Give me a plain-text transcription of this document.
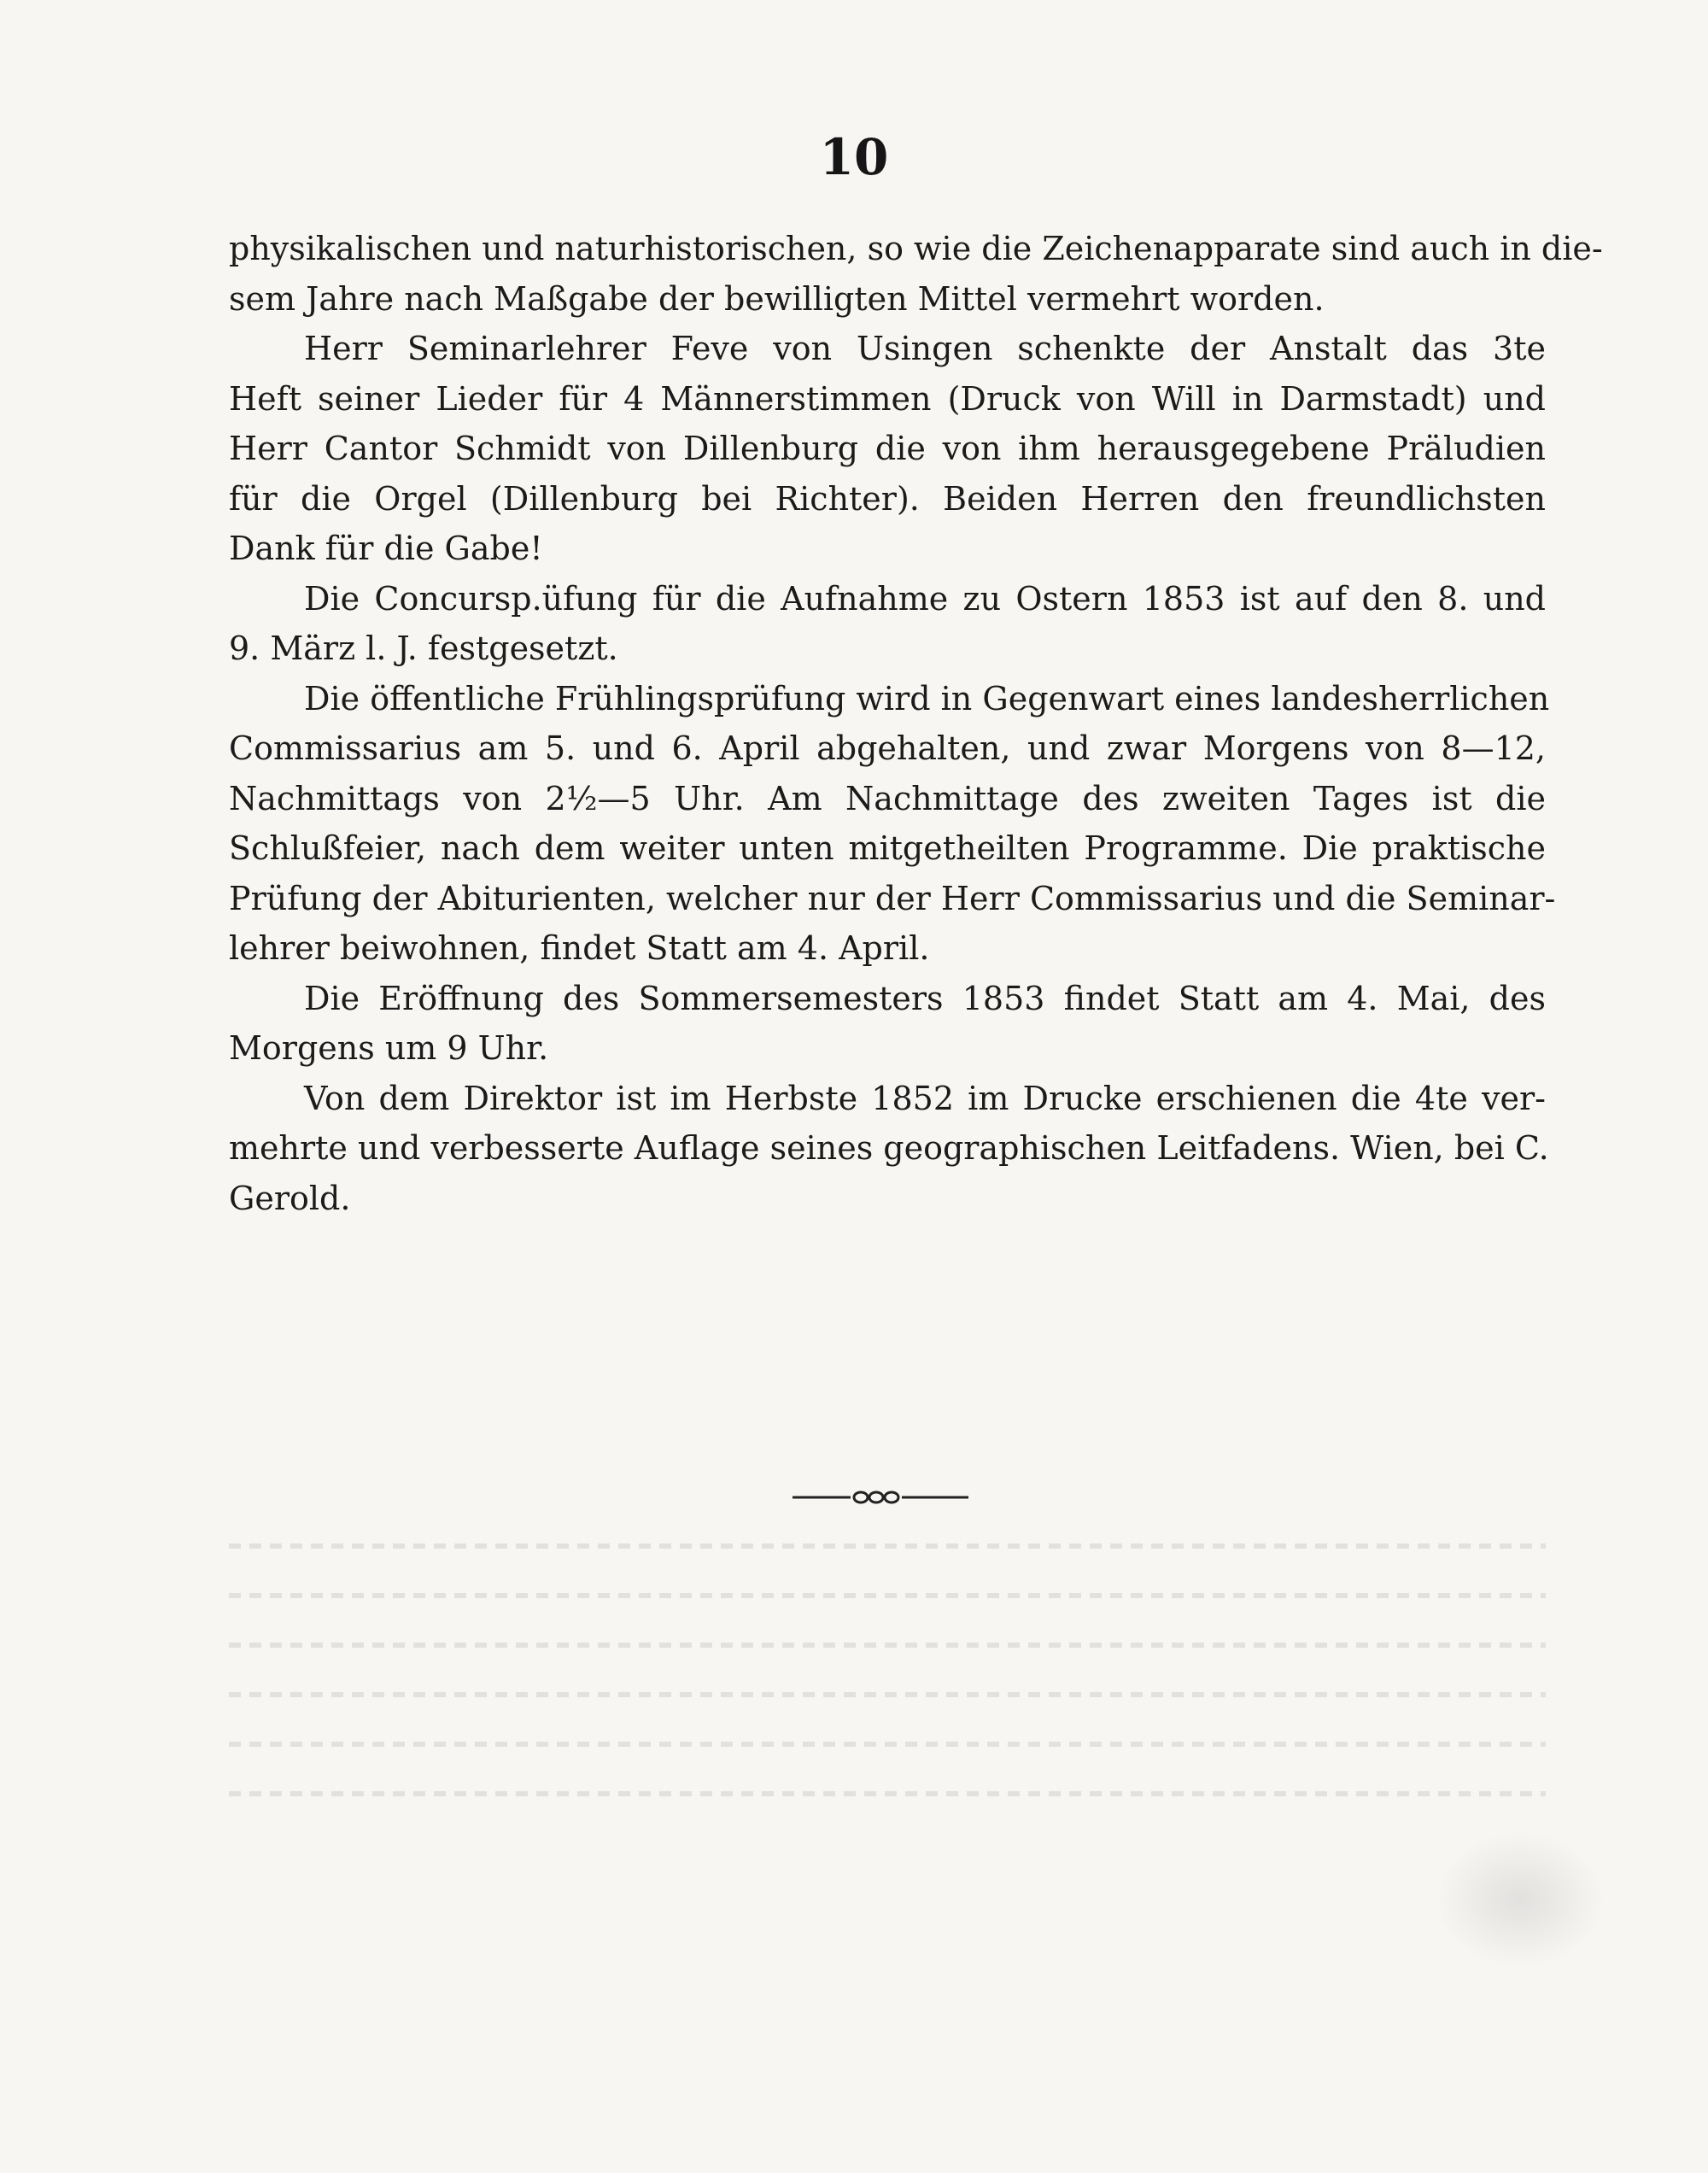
10
physikalischen und naturhistorischen, so wie die Zeichenapparate sind auch in die-
sem Jahre nach Maßgabe der bewilligten Mittel vermehrt worden.
Herr Seminarlehrer Feve von Usingen schenkte der Anstalt das 3te
Heft seiner Lieder für 4 Männerstimmen (Druck von Will in Darmstadt) und
Herr Cantor Schmidt von Dillenburg die von ihm herausgegebene Präludien
für die Orgel (Dillenburg bei Richter). Beiden Herren den freundlichsten
Dank für die Gabe!
Die Concursp.üfung für die Aufnahme zu Ostern 1853 ist auf den 8. und
9. März l. J. festgesetzt.
Die öffentliche Frühlingsprüfung wird in Gegenwart eines landesherrlichen
Commissarius am 5. und 6. April abgehalten, und zwar Morgens von 8—12,
Nachmittags von 2½—5 Uhr. Am Nachmittage des zweiten Tages ist die
Schlußfeier, nach dem weiter unten mitgetheilten Programme. Die praktische
Prüfung der Abiturienten, welcher nur der Herr Commissarius und die Seminar-
lehrer beiwohnen, findet Statt am 4. April.
Die Eröffnung des Sommersemesters 1853 findet Statt am 4. Mai, des
Morgens um 9 Uhr.
Von dem Direktor ist im Herbste 1852 im Drucke erschienen die 4te ver-
mehrte und verbesserte Auflage seines geographischen Leitfadens. Wien, bei C.
Gerold.
